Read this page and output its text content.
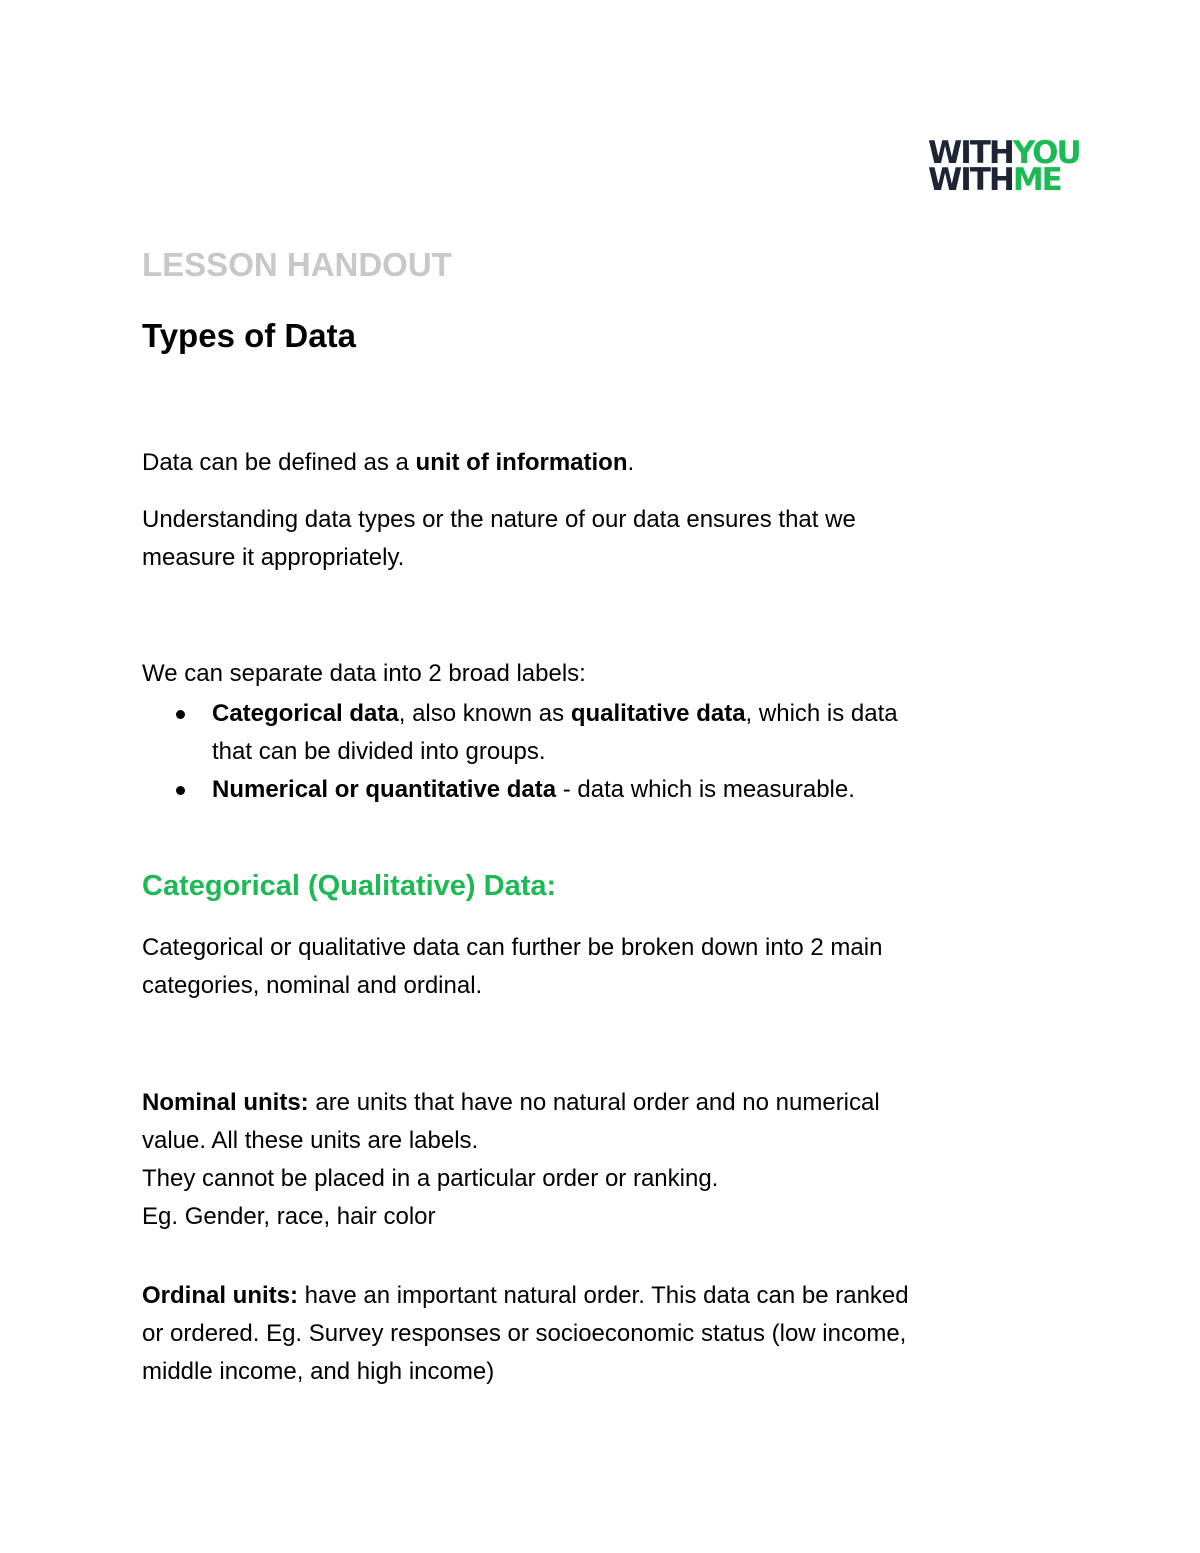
WITHYOU
WITHME
LESSON HANDOUT
Types of Data
Data can be defined as a unit of information.
Understanding data types or the nature of our data ensures that we
measure it appropriately.
We can separate data into 2 broad labels:
Categorical data, also known as qualitative data, which is data
that can be divided into groups.
Numerical or quantitative data - data which is measurable.
Categorical (Qualitative) Data:
Categorical or qualitative data can further be broken down into 2 main
categories, nominal and ordinal.
Nominal units: are units that have no natural order and no numerical
value. All these units are labels.
They cannot be placed in a particular order or ranking.
Eg. Gender, race, hair color
Ordinal units: have an important natural order. This data can be ranked
or ordered. Eg. Survey responses or socioeconomic status (low income,
middle income, and high income)
